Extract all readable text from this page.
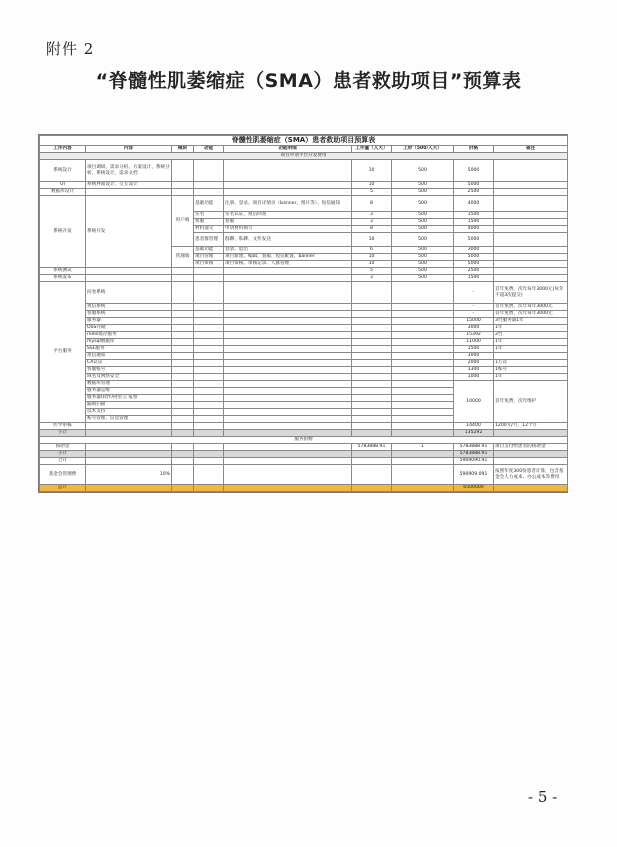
附件 2
“脊髓性肌萎缩症（SMA）患者救助项目”预算表
脊髓性肌萎缩症（SMA）患者救助项目预算表								
工作内容	内容	模块	功能	功能明细	工作量（人天）	工时（500/人天）	价格	备注
项目申请平台开发费用								
系统设计	项目调研、需求分析、方案设计、系统分析、系统设计、需求文档				10	500	5000	
UI	系统界面设计、交互设计				10	500	5000	
数据库设计					5	500	2500	
系统开发	系统开发	用户端	基础功能	注册、登录、项目详情页（banner、图片等）、短信通知	8	500	4000	
			实名	实名认证、短信回查	3	500	1500	
			客服	客服	3	500	1500	
			材料递交	申请材料填写	8	500	4000	
			患者群管理	群聊、私聊、文件发送	10	500	5000	
		管理端	基础功能	登录、退出	6	500	3000	
			项目管理	项目新建、编辑、客服、短信配置、banner	10	500	5000	
			项目审核	项目审核、审核记录、人群管理	10	500	5000	
系统测试					5	500	2500	
系统发布					3	500	1500	
平台服务	问卷系统						-	首年免费，次年每年3000元(每年不超3次提交)
	短信系统						-	首年免费，次年每年3000元
	客服系统						-	首年免费，次年每年3000元
	服务器						15000	3台服务器1年
	OSS存储						3000	1年
	redis缓存服务						15392	2台
	mysql数据库						11000	1年
	SSL服务						1500	1年
	短信通知						3000	
	CA认证						2000	1万次
	客服账号						1300	1账号
	域名及网络安全						1000	1年
	数据库管理						10000	首年免费，次年维护
	服务器运维							
	服务器/软件/阿里云 报警							
	漏洞扫描							
	技术支持							
	账号管理、信息管理							
医学审核							14400	1200元/月，12个月
小计							135292	
服务捐赠								
援助金					5783888.91	1	5783888.91	项目支付给患者的援助金
小计							5783888.91	
合计							5909090.91	
基金会管理费	10%						590909.091	按照年度300份患者计算，包含基金会人力成本、办公成本等费用
总计							6500000	
- 5 -
